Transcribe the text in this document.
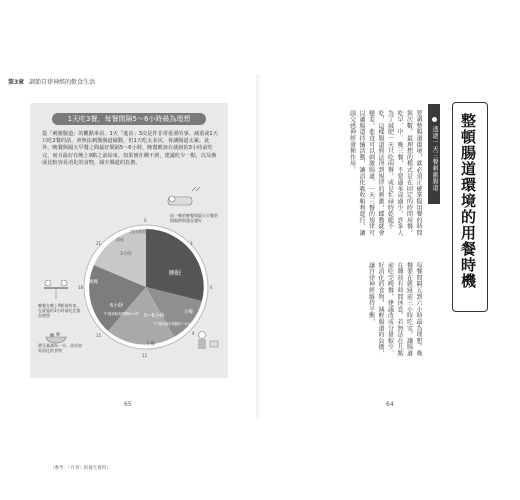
第3章 調節自律神經的飲食生活
1天吃3餐，每餐間隔5～6小時最為理想
從「刺激腸道」的觀點來看，1天「進食」3次是件非常重要的事。減重或1天只吃2餐的話，會無法刺激腸道蠕動，但1天吃太多次，會讓腸道太累。此外，晚餐與隔天早餐之間最好間隔5～6小時，晚餐應該在就寢的3小時前吃完，而且最好在晚上9點之前結束。如果實在餓不到，建議吃少一點，以及換成比較容易消化的食物，減少腸道的負擔。
睡眠
早餐
5~6小時
午餐前最好間隔5~6小時
午餐
6小時
午餐到晚餐間隔6小時
晚餐
3小時
深夜
消化吸收
0
3
6
9
12
15
18
21
前一晚的晚餐與隔天早餐的間隔時間越長越好
晚餐在晚上9點前結束，在就寢的3小時前吃完最為理想
將分量減為一半，改成容易消化的食物
〔參考：〈月刊〉的養生資料〕
65
整頓腸道環境的用餐時機
透過一天三餐刺激腸道

要調整腸道環境，就必須正確掌握用餐的時間與次數。最理想的模式是在固定的時間用餐，吃早、中、晚三餐，不要過多或過少。許多人為了減肥一天只吃兩餐，或是忙碌時乾脆不吃，這樣腸道無法得到規律的刺激，蠕動就會變差。進食可以刺激腸道，一天三餐的規律可以讓腸道持續活動，讓消化吸收順利進行，讓副交感神經發揮作用。

每餐間隔五到六小時最為理想。晚餐要在就寢前三小時吃完，讓腸道在睡前有時間休息。若無法在九點前吃完晚餐，建議改成分量較少、好消化的食物，減輕腸道的負擔，讓自律神經維持平衡。

64
